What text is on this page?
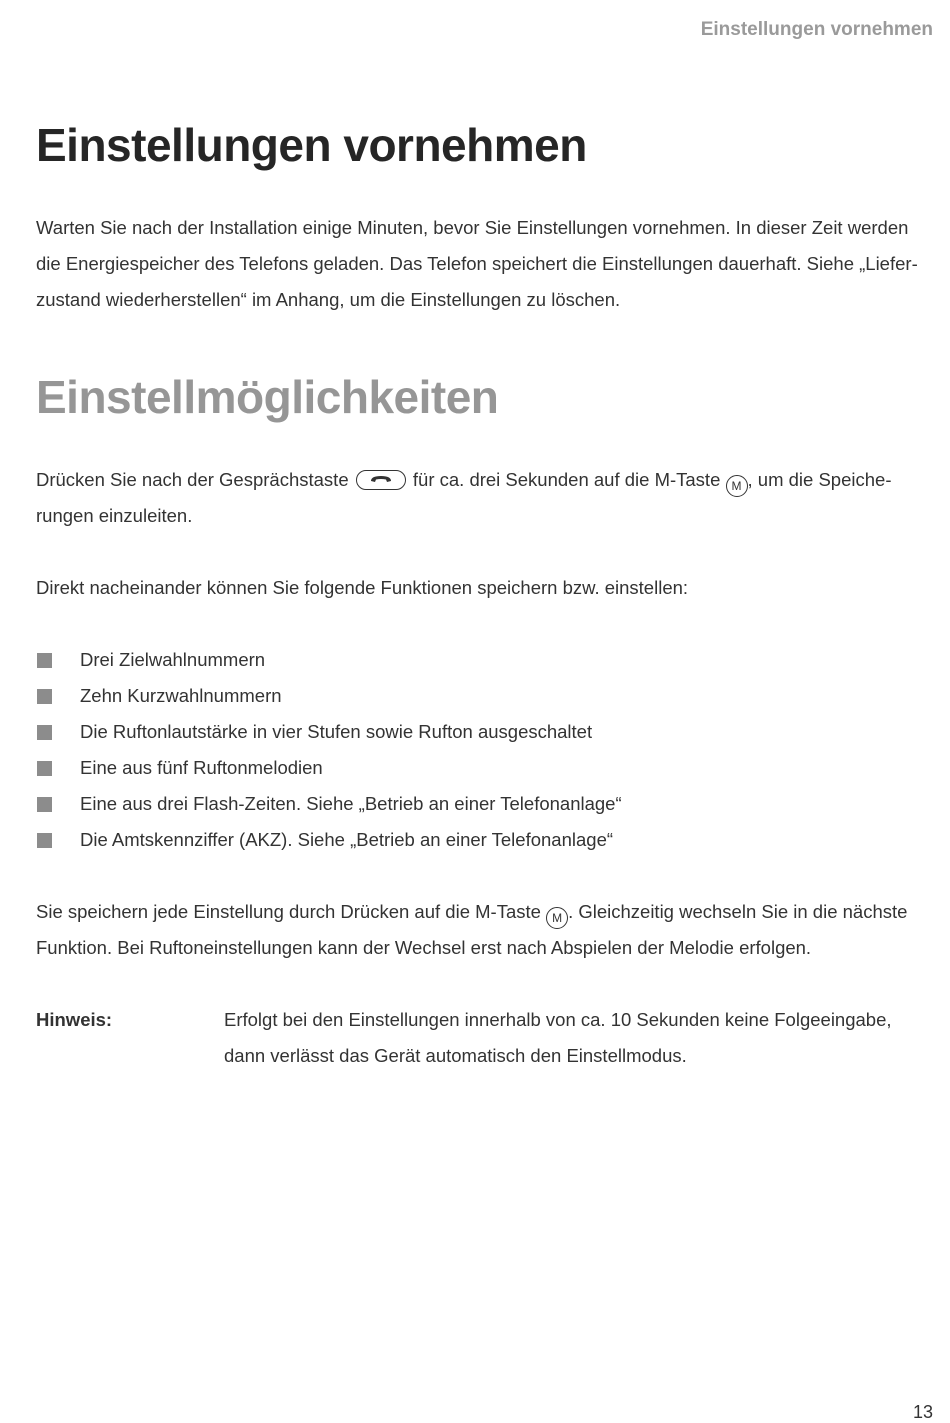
Einstellungen vornehmen
Einstellungen vornehmen

Warten Sie nach der Installation einige Minuten, bevor Sie Einstellungen vornehmen. In dieser Zeit werden die Energiespeicher des Telefons geladen. Das Telefon speichert die Einstellungen dauerhaft. Siehe „Lieferzustand wiederherstellen“ im Anhang, um die Einstellungen zu löschen.

Einstellmöglichkeiten

Drücken Sie nach der Gesprächstaste	für ca. drei Sekunden auf die M-Taste M , um die Speicherungen einzuleiten.

Direkt nacheinander können Sie folgende Funktionen speichern bzw. einstellen:

Drei Zielwahlnummern
Zehn Kurzwahlnummern
Die Ruftonlautstärke in vier Stufen sowie Rufton ausgeschaltet
Eine aus fünf Ruftonmelodien
Eine aus drei Flash-Zeiten. Siehe „Betrieb an einer Telefonanlage“
Die Amtskennziffer (AKZ). Siehe „Betrieb an einer Telefonanlage“

Sie speichern jede Einstellung durch Drücken auf die M-Taste M . Gleichzeitig wechseln Sie in die nächste Funktion. Bei Ruftoneinstellungen kann der Wechsel erst nach Abspielen der Melodie erfolgen.

Hinweis:	Erfolgt bei den Einstellungen innerhalb von ca. 10 Sekunden keine Folgeeingabe, dann verlässt das Gerät automatisch den Einstellmodus.

13
